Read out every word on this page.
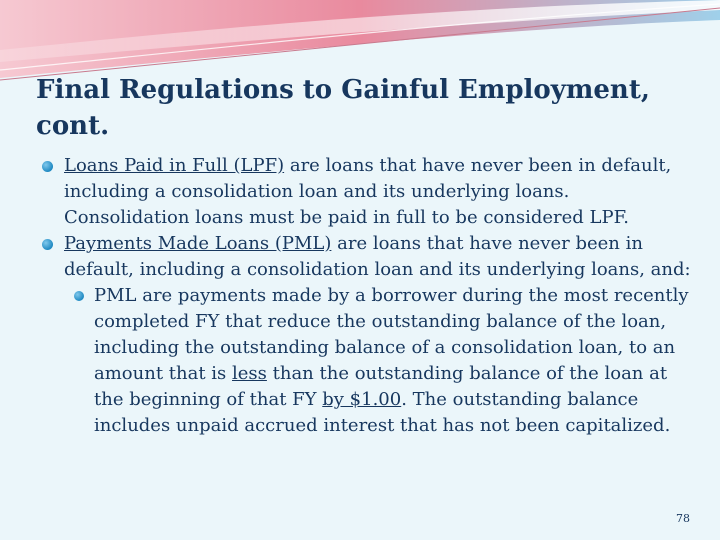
Final Regulations to Gainful Employment, cont.

Loans Paid in Full (LPF) are loans that have never been in default, including a consolidation loan and its underlying loans. Consolidation loans must be paid in full to be considered LPF.

Payments Made Loans (PML) are loans that have never been in default, including a consolidation loan and its underlying loans, and:

PML are payments made by a borrower during the most recently completed FY that reduce the outstanding balance of the loan, including the outstanding balance of a consolidation loan, to an amount that is less than the outstanding balance of the loan at the beginning of that FY by $1.00. The outstanding balance includes unpaid accrued interest that has not been capitalized.

78
